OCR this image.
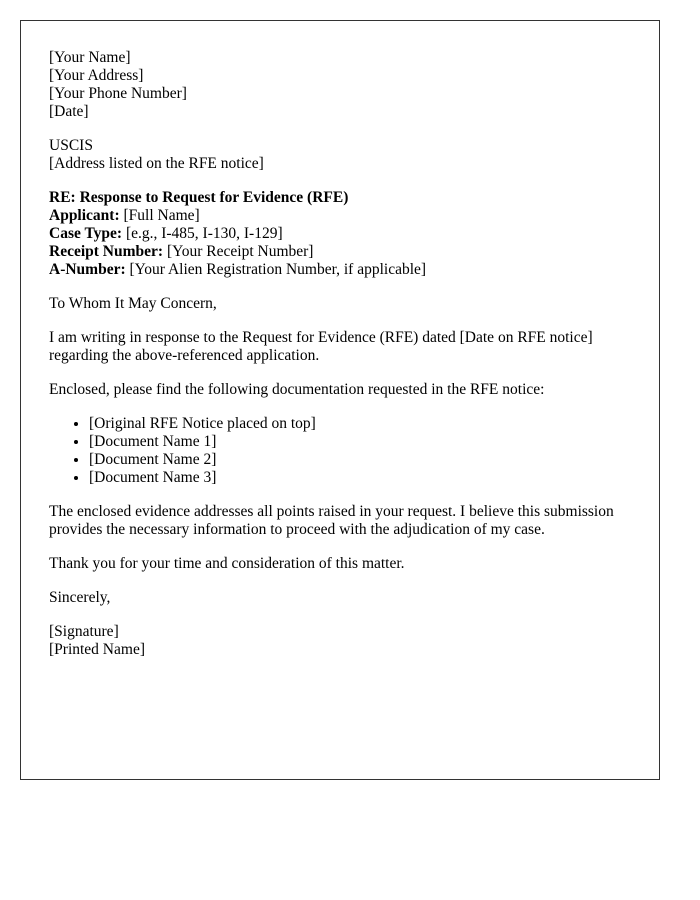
[Your Name]
[Your Address]
[Your Phone Number]
[Date]
USCIS
[Address listed on the RFE notice]
RE: Response to Request for Evidence (RFE)
Applicant: [Full Name]
Case Type: [e.g., I-485, I-130, I-129]
Receipt Number: [Your Receipt Number]
A-Number: [Your Alien Registration Number, if applicable]

To Whom It May Concern,

I am writing in response to the Request for Evidence (RFE) dated [Date on RFE notice] regarding the above-referenced application.

Enclosed, please find the following documentation requested in the RFE notice:

• [Original RFE Notice placed on top]
• [Document Name 1]
• [Document Name 2]
• [Document Name 3]

The enclosed evidence addresses all points raised in your request. I believe this submission provides the necessary information to proceed with the adjudication of my case.

Thank you for your time and consideration of this matter.

Sincerely,

[Signature]
[Printed Name]
